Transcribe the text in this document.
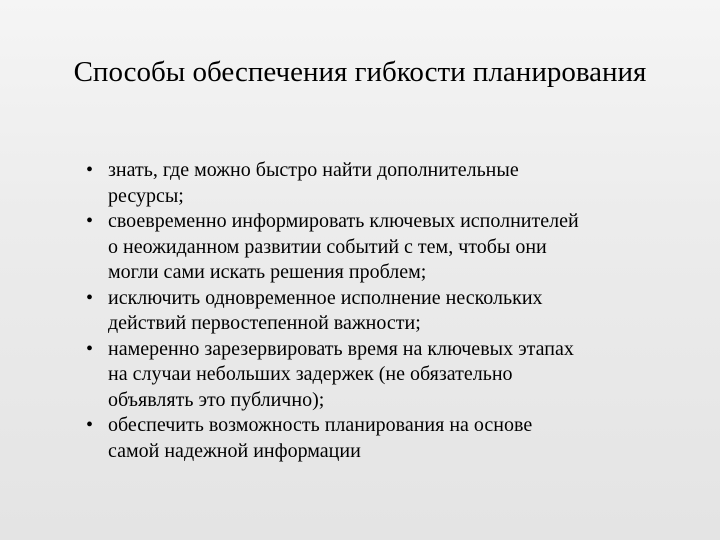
Способы обеспечения гибкости планирования
• знать, где можно быстро найти дополнительные
ресурсы;
• своевременно информировать ключевых исполнителей
о неожиданном развитии событий с тем, чтобы они
могли сами искать решения проблем;
• исключить одновременное исполнение нескольких
действий первостепенной важности;
• намеренно зарезервировать время на ключевых этапах
на случаи небольших задержек (не обязательно
объявлять это публично);
• обеспечить возможность планирования на основе
самой надежной информации
